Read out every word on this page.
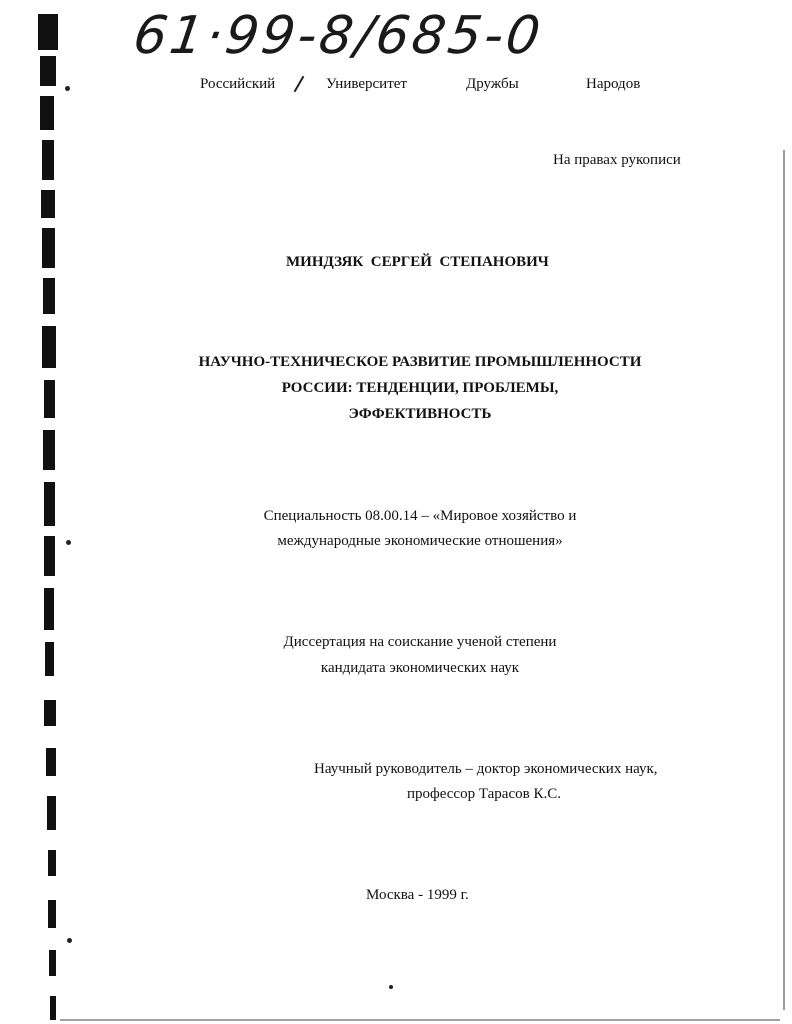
61·99-8/685-0
Российский	Университет	Дружбы	Народов
На правах рукописи
МИНДЗЯК  СЕРГЕЙ  СТЕПАНОВИЧ
НАУЧНО-ТЕХНИЧЕСКОЕ РАЗВИТИЕ ПРОМЫШЛЕННОСТИ
РОССИИ: ТЕНДЕНЦИИ, ПРОБЛЕМЫ,
ЭФФЕКТИВНОСТЬ
Специальность 08.00.14 – «Мировое хозяйство и
международные экономические отношения»
Диссертация на соискание ученой степени
кандидата экономических наук
Научный руководитель – доктор экономических наук,
профессор Тарасов К.С.
Москва - 1999 г.
